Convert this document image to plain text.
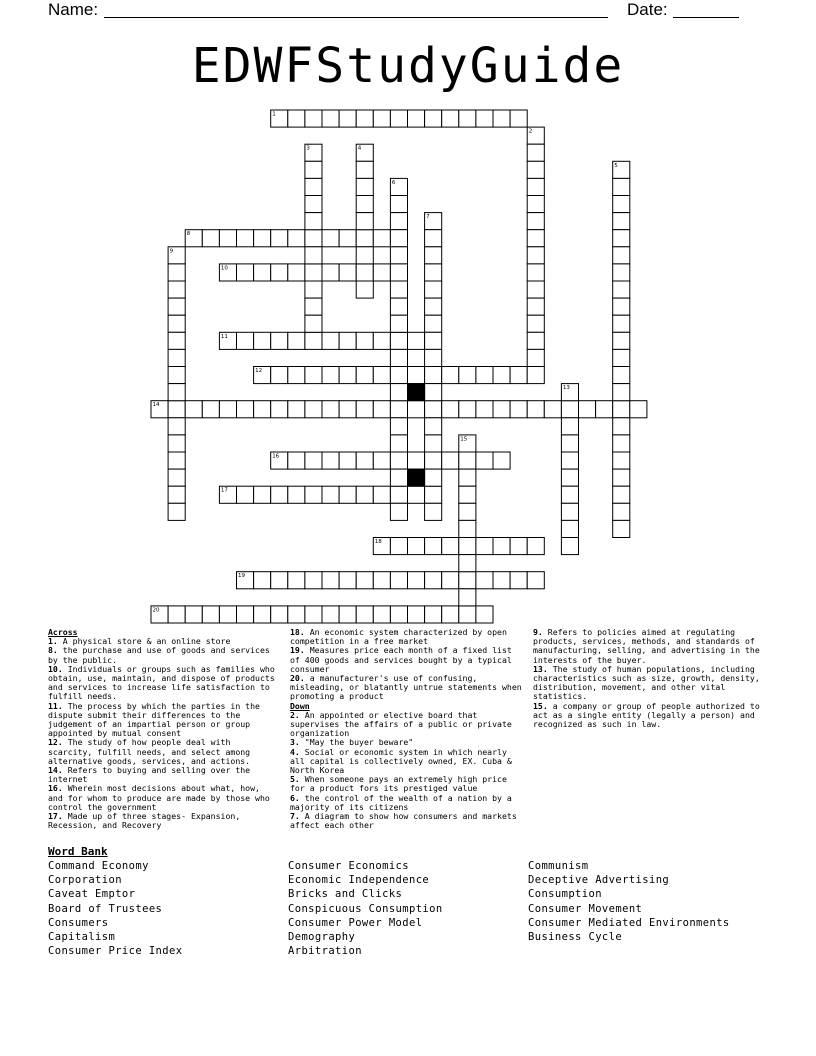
Name:	Date:
EDWFStudyGuide
1
8
10
11
12
14
16
17
18
19
20
2
3	4
5
6
7
9
13
15
Across
1. A physical store & an online store
8. the purchase and use of goods and services by the public.
10. Individuals or groups such as families who obtain, use, maintain, and dispose of products and services to increase life satisfaction to fulfill needs.
11. The process by which the parties in the dispute submit their differences to the judgement of an impartial person or group appointed by mutual consent
12. The study of how people deal with scarcity, fulfill needs, and select among alternative goods, services, and actions.
14. Refers to buying and selling over the internet
16. Wherein most decisions about what, how, and for whom to produce are made by those who control the government
17. Made up of three stages- Expansion, Recession, and Recovery
18. An economic system characterized by open competition in a free market
19. Measures price each month of a fixed list of 400 goods and services bought by a typical consumer
20. a manufacturer's use of confusing, misleading, or blatantly untrue statements when promoting a product
Down
2. An appointed or elective board that supervises the affairs of a public or private organization
3. "May the buyer beware"
4. Social or economic system in which nearly all capital is collectively owned, EX. Cuba & North Korea
5. When someone pays an extremely high price for a product fors its prestiged value
6. the control of the wealth of a nation by a majority of its citizens
7. A diagram to show how consumers and markets affect each other
9. Refers to policies aimed at regulating products, services, methods, and standards of manufacturing, selling, and advertising in the interests of the buyer.
13. The study of human populations, including characteristics such as size, growth, density, distribution, movement, and other vital statistics.
15. a company or group of people authorized to act as a single entity (legally a person) and recognized as such in law.
Word Bank
Command Economy
Corporation
Caveat Emptor
Board of Trustees
Consumers
Capitalism
Consumer Price Index
Consumer Economics
Economic Independence
Bricks and Clicks
Conspicuous Consumption
Consumer Power Model
Demography
Arbitration
Communism
Deceptive Advertising
Consumption
Consumer Movement
Consumer Mediated Environments
Business Cycle
